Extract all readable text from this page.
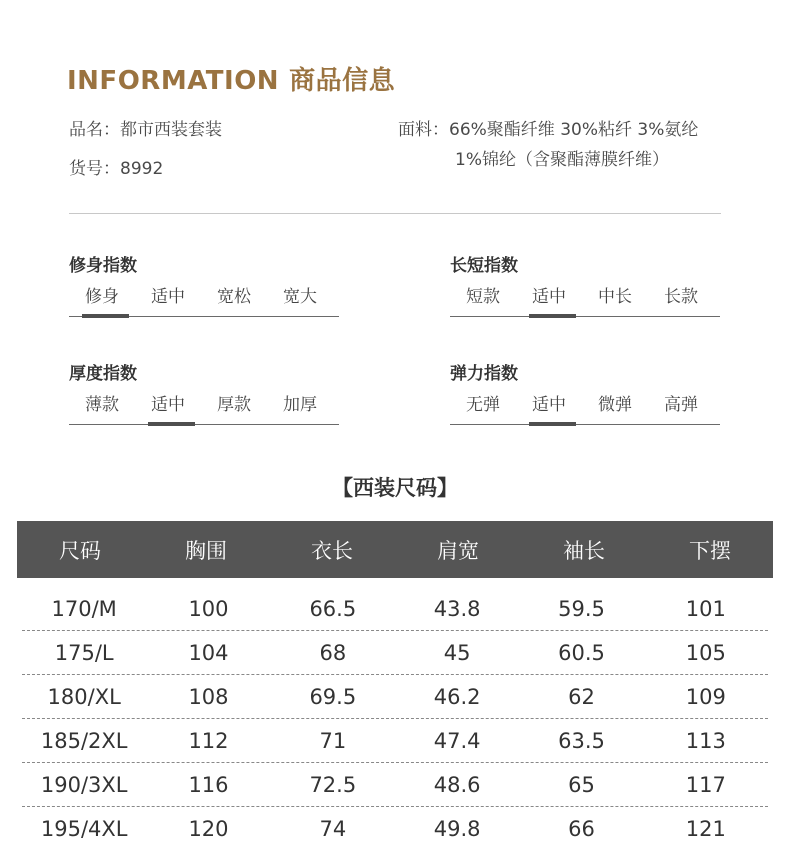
INFORMATION 商品信息
品名：都市西装套装
货号：8992
面料：66%聚酯纤维 30%粘纤 3%氨纶
1%锦纶（含聚酯薄膜纤维）
修身指数
修身	适中	宽松	宽大
长短指数
短款	适中	中长	长款
厚度指数
薄款	适中	厚款	加厚
弹力指数
无弹	适中	微弹	高弹
【西装尺码】
尺码	胸围	衣长	肩宽	袖长	下摆
170/M	100	66.5	43.8	59.5	101
175/L	104	68	45	60.5	105
180/XL	108	69.5	46.2	62	109
185/2XL	112	71	47.4	63.5	113
190/3XL	116	72.5	48.6	65	117
195/4XL	120	74	49.8	66	121
